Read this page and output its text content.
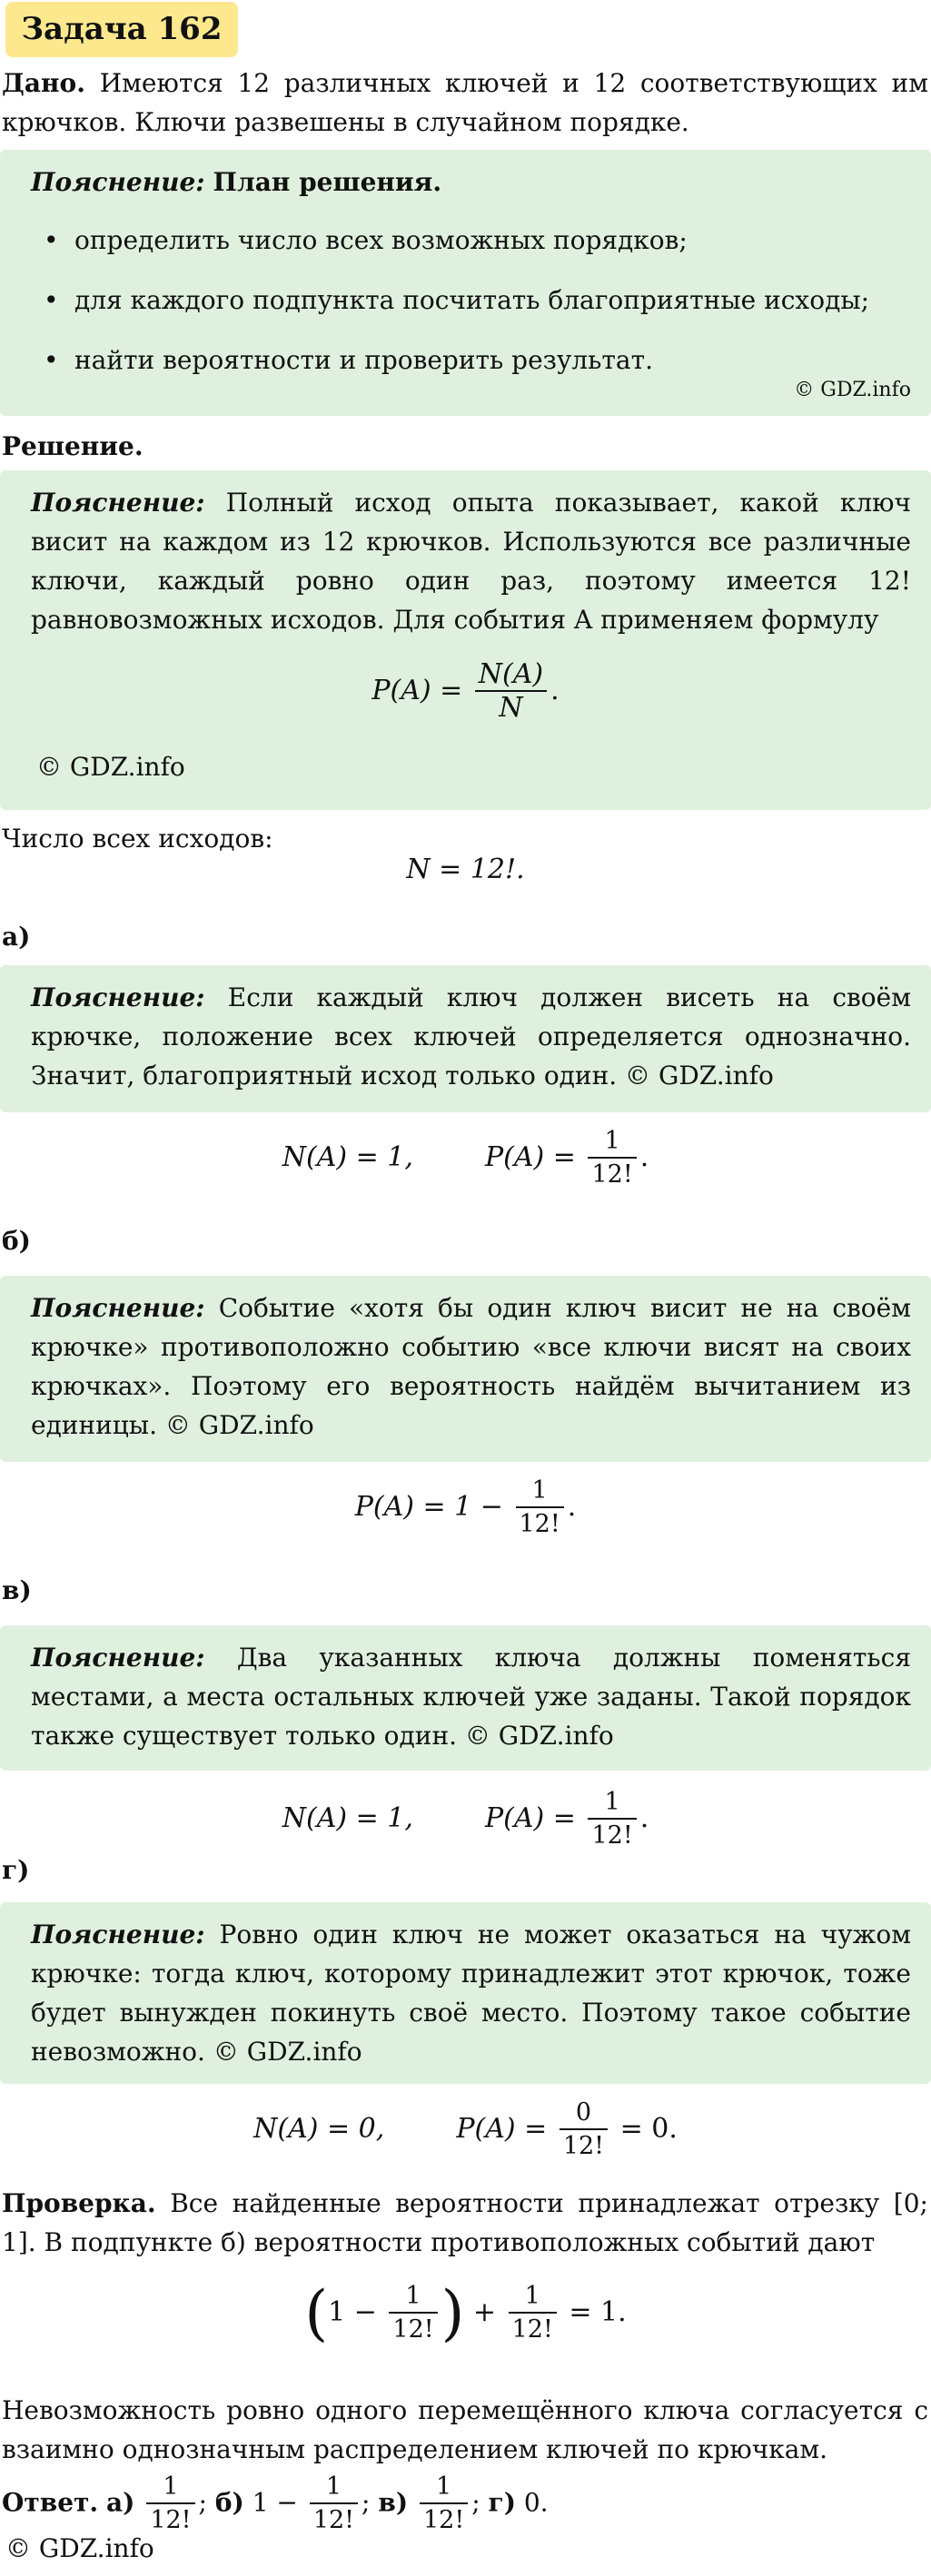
Задача 162
Дано. Имеются 12 различных ключей и 12 соответствующих им крючков. Ключи развешены в случайном порядке.
Пояснение: План решения.
• определить число всех возможных порядков;
• для каждого подпункта посчитать благоприятные исходы;
• найти вероятности и проверить результат.
© GDZ.info
Решение.
Пояснение: Полный исход опыта показывает, какой ключ висит на каждом из 12 крючков. Используются все различные ключи, каждый ровно один раз, поэтому имеется 12! равновозможных исходов. Для события A применяем формулу
$P(A) = \frac{N(A)}{N}$ .
© GDZ.info
Число всех исходов:
N = 12!.
а)
Пояснение: Если каждый ключ должен висеть на своём крючке, положение всех ключей определяется однозначно. Значит, благоприятный исход только один. © GDZ.info
N(A) = 1,	$P(A) = \frac{1}{12!}$ .
б)
Пояснение: Событие «хотя бы один ключ висит не на своём крючке» противоположно событию «все ключи висят на своих крючках». Поэтому его вероятность найдём вычитанием из единицы. © GDZ.info
$P(A) = 1 - \frac{1}{12!}$ .
в)
Пояснение: Два указанных ключа должны поменяться местами, а места остальных ключей уже заданы. Такой порядок также существует только один. © GDZ.info
N(A) = 1,	$P(A) = \frac{1}{12!}$ .
г)
Пояснение: Ровно один ключ не может оказаться на чужом крючке: тогда ключ, которому принадлежит этот крючок, тоже будет вынужден покинуть своё место. Поэтому такое событие невозможно. © GDZ.info
N(A) = 0,	$P(A) = \frac{0}{12!} = 0$.
Проверка. Все найденные вероятности принадлежат отрезку [0; 1]. В подпункте б) вероятности противоположных событий дают
($1 - \frac{1}{12!}$ ) + $\frac{1}{12!} = 1$.
Невозможность ровно одного перемещённого ключа согласуется с взаимно однозначным распределением ключей по крючкам.
Ответ. $а) \frac{1}{12!}$ ; б) $1 - \frac{1}{12!}$ ; $в) \frac{1}{12!}$ ; г) 0.
© GDZ.info
